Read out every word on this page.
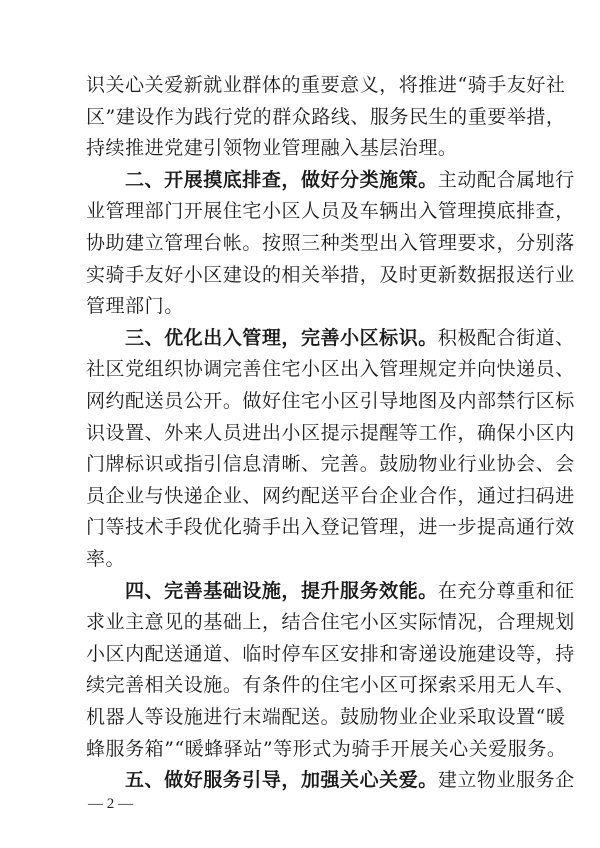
— 2 —
识关心关爱新就业群体的重要意义，将推进“骑手友好社
区”建设作为践行党的群众路线、服务民生的重要举措，
持续推进党建引领物业管理融入基层治理。
二、开展摸底排查，做好分类施策。主动配合属地行
业管理部门开展住宅小区人员及车辆出入管理摸底排查，
协助建立管理台帐。按照三种类型出入管理要求，分别落
实骑手友好小区建设的相关举措，及时更新数据报送行业
管理部门。
三、优化出入管理，完善小区标识。积极配合街道、
社区党组织协调完善住宅小区出入管理规定并向快递员、
网约配送员公开。做好住宅小区引导地图及内部禁行区标
识设置、外来人员进出小区提示提醒等工作，确保小区内
门牌标识或指引信息清晰、完善。鼓励物业行业协会、会
员企业与快递企业、网约配送平台企业合作，通过扫码进
门等技术手段优化骑手出入登记管理，进一步提高通行效
率。
四、完善基础设施，提升服务效能。在充分尊重和征
求业主意见的基础上，结合住宅小区实际情况，合理规划
小区内配送通道、临时停车区安排和寄递设施建设等，持
续完善相关设施。有条件的住宅小区可探索采用无人车、
机器人等设施进行末端配送。鼓励物业企业采取设置“暖
蜂服务箱”“暖蜂驿站”等形式为骑手开展关心关爱服务。
五、做好服务引导，加强关心关爱。建立物业服务企
